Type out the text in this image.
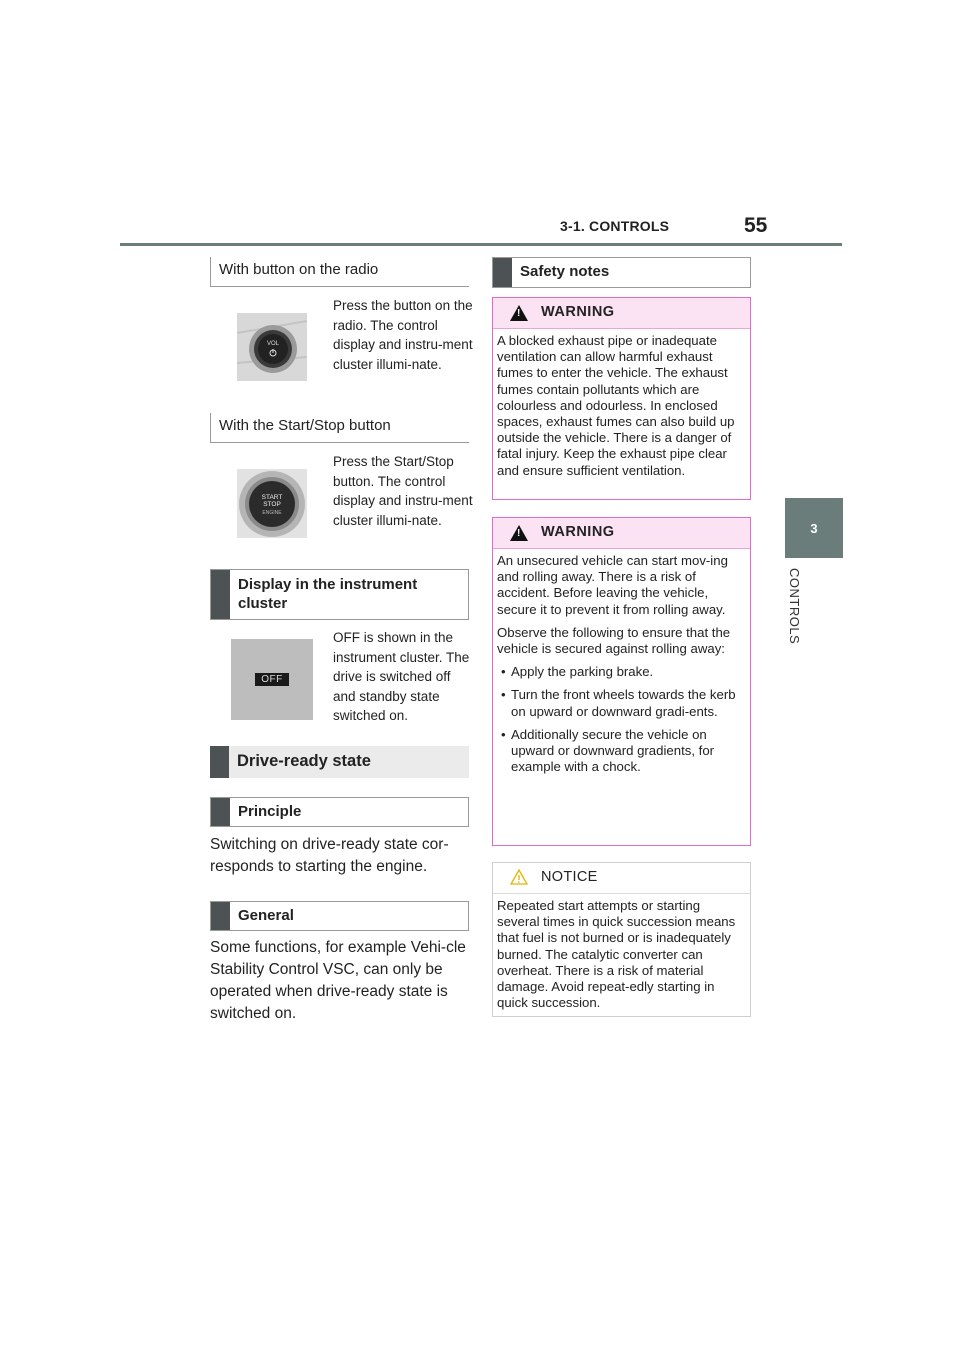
3-1. CONTROLS	55
3
CONTROLS
With button on the radio
VOL
Press the button on the radio. The control display and instru-ment cluster illumi-nate.
With the Start/Stop button
START
STOP
ENGINE
Press the Start/Stop button. The control display and instru-ment cluster illumi-nate.
Display in the instrument cluster
OFF
OFF is shown in the instrument cluster. The drive is switched off and standby state switched on.
Drive-ready state
Principle
Switching on drive-ready state cor-responds to starting the engine.
General
Some functions, for example Vehi-cle Stability Control VSC, can only be operated when drive-ready state is switched on.
Safety notes
! WARNING
A blocked exhaust pipe or inadequate ventilation can allow harmful exhaust fumes to enter the vehicle. The exhaust fumes contain pollutants which are colourless and odourless. In enclosed spaces, exhaust fumes can also build up outside the vehicle. There is a danger of fatal injury. Keep the exhaust pipe clear and ensure sufficient ventilation.
! WARNING

An unsecured vehicle can start mov-ing and rolling away. There is a risk of accident. Before leaving the vehicle, secure it to prevent it from rolling away.

Observe the following to ensure that the vehicle is secured against rolling away:

• Apply the parking brake.
• Turn the front wheels towards the kerb on upward or downward gradi-ents.
• Additionally secure the vehicle on upward or downward gradients, for example with a chock.
NOTICE
Repeated start attempts or starting several times in quick succession means that fuel is not burned or is inadequately burned. The catalytic converter can overheat. There is a risk of material damage. Avoid repeat-edly starting in quick succession.
